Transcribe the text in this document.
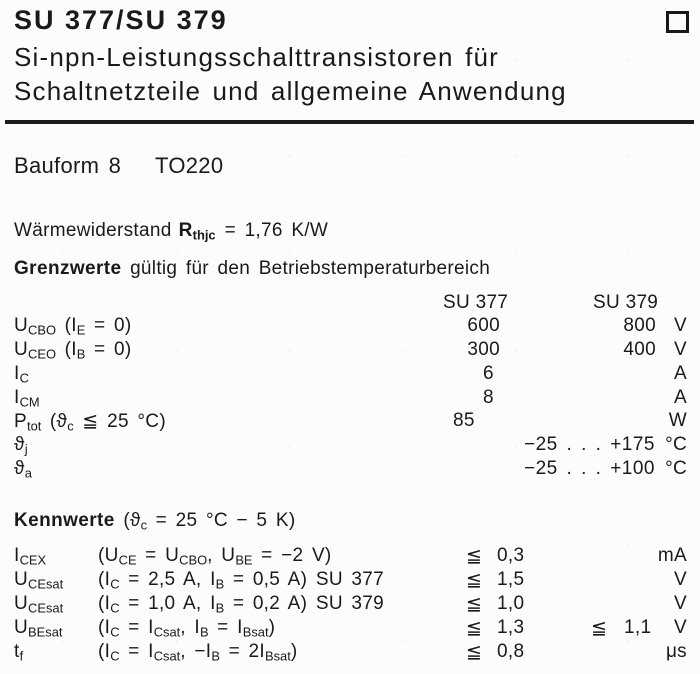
SU 377/SU 379
Si-npn-Leistungsschalttransistoren für
Schaltnetzteile und allgemeine Anwendung
Bauform 8 TO220
Wärmewiderstand $R_{thjc} = 1,76$ K/W
Grenzwerte gültig für den Betriebstemperaturbereich
SU 377	SU 379
$U_{CBO}$ $(I_E = 0)$	600	800 V
$U_{CEO}$ $(I_B = 0)$	300	400 V
$I_C$	6	A
$I_{CM}$	8	A
$P_{tot}$ ($ϑ_c$ ≦ 25 °C)	85	W
$ϑ_j$	−25 . . . +175 °C
$ϑ_a$	−25 . . . +100 °C
Kennwerte ($ϑ_c = 25$ °C − 5 K)
$I_{CEX}$	($U_{CE} = U_{CBO}$, $U_{BE} = -2$ V)	≦ 0,3	mA
$U_{CEsat}$ ($I_C = 2,5$ A, $I_B = 0,5$ A) SU 377	≦ 1,5	V
$U_{CEsat}$ ($I_C = 1,0$ A, $I_B = 0,2$ A) SU 379	≦ 1,0	V
$U_{BEsat}$ ($I_C = I_{Csat}$, $I_B = I_{Bsat}$)	≦ 1,3	≦ 1,1	V
$t_f$	($I_C = I_{Csat}$, $-I_B = 2I_{Bsat}$)	≦ 0,8	μs
